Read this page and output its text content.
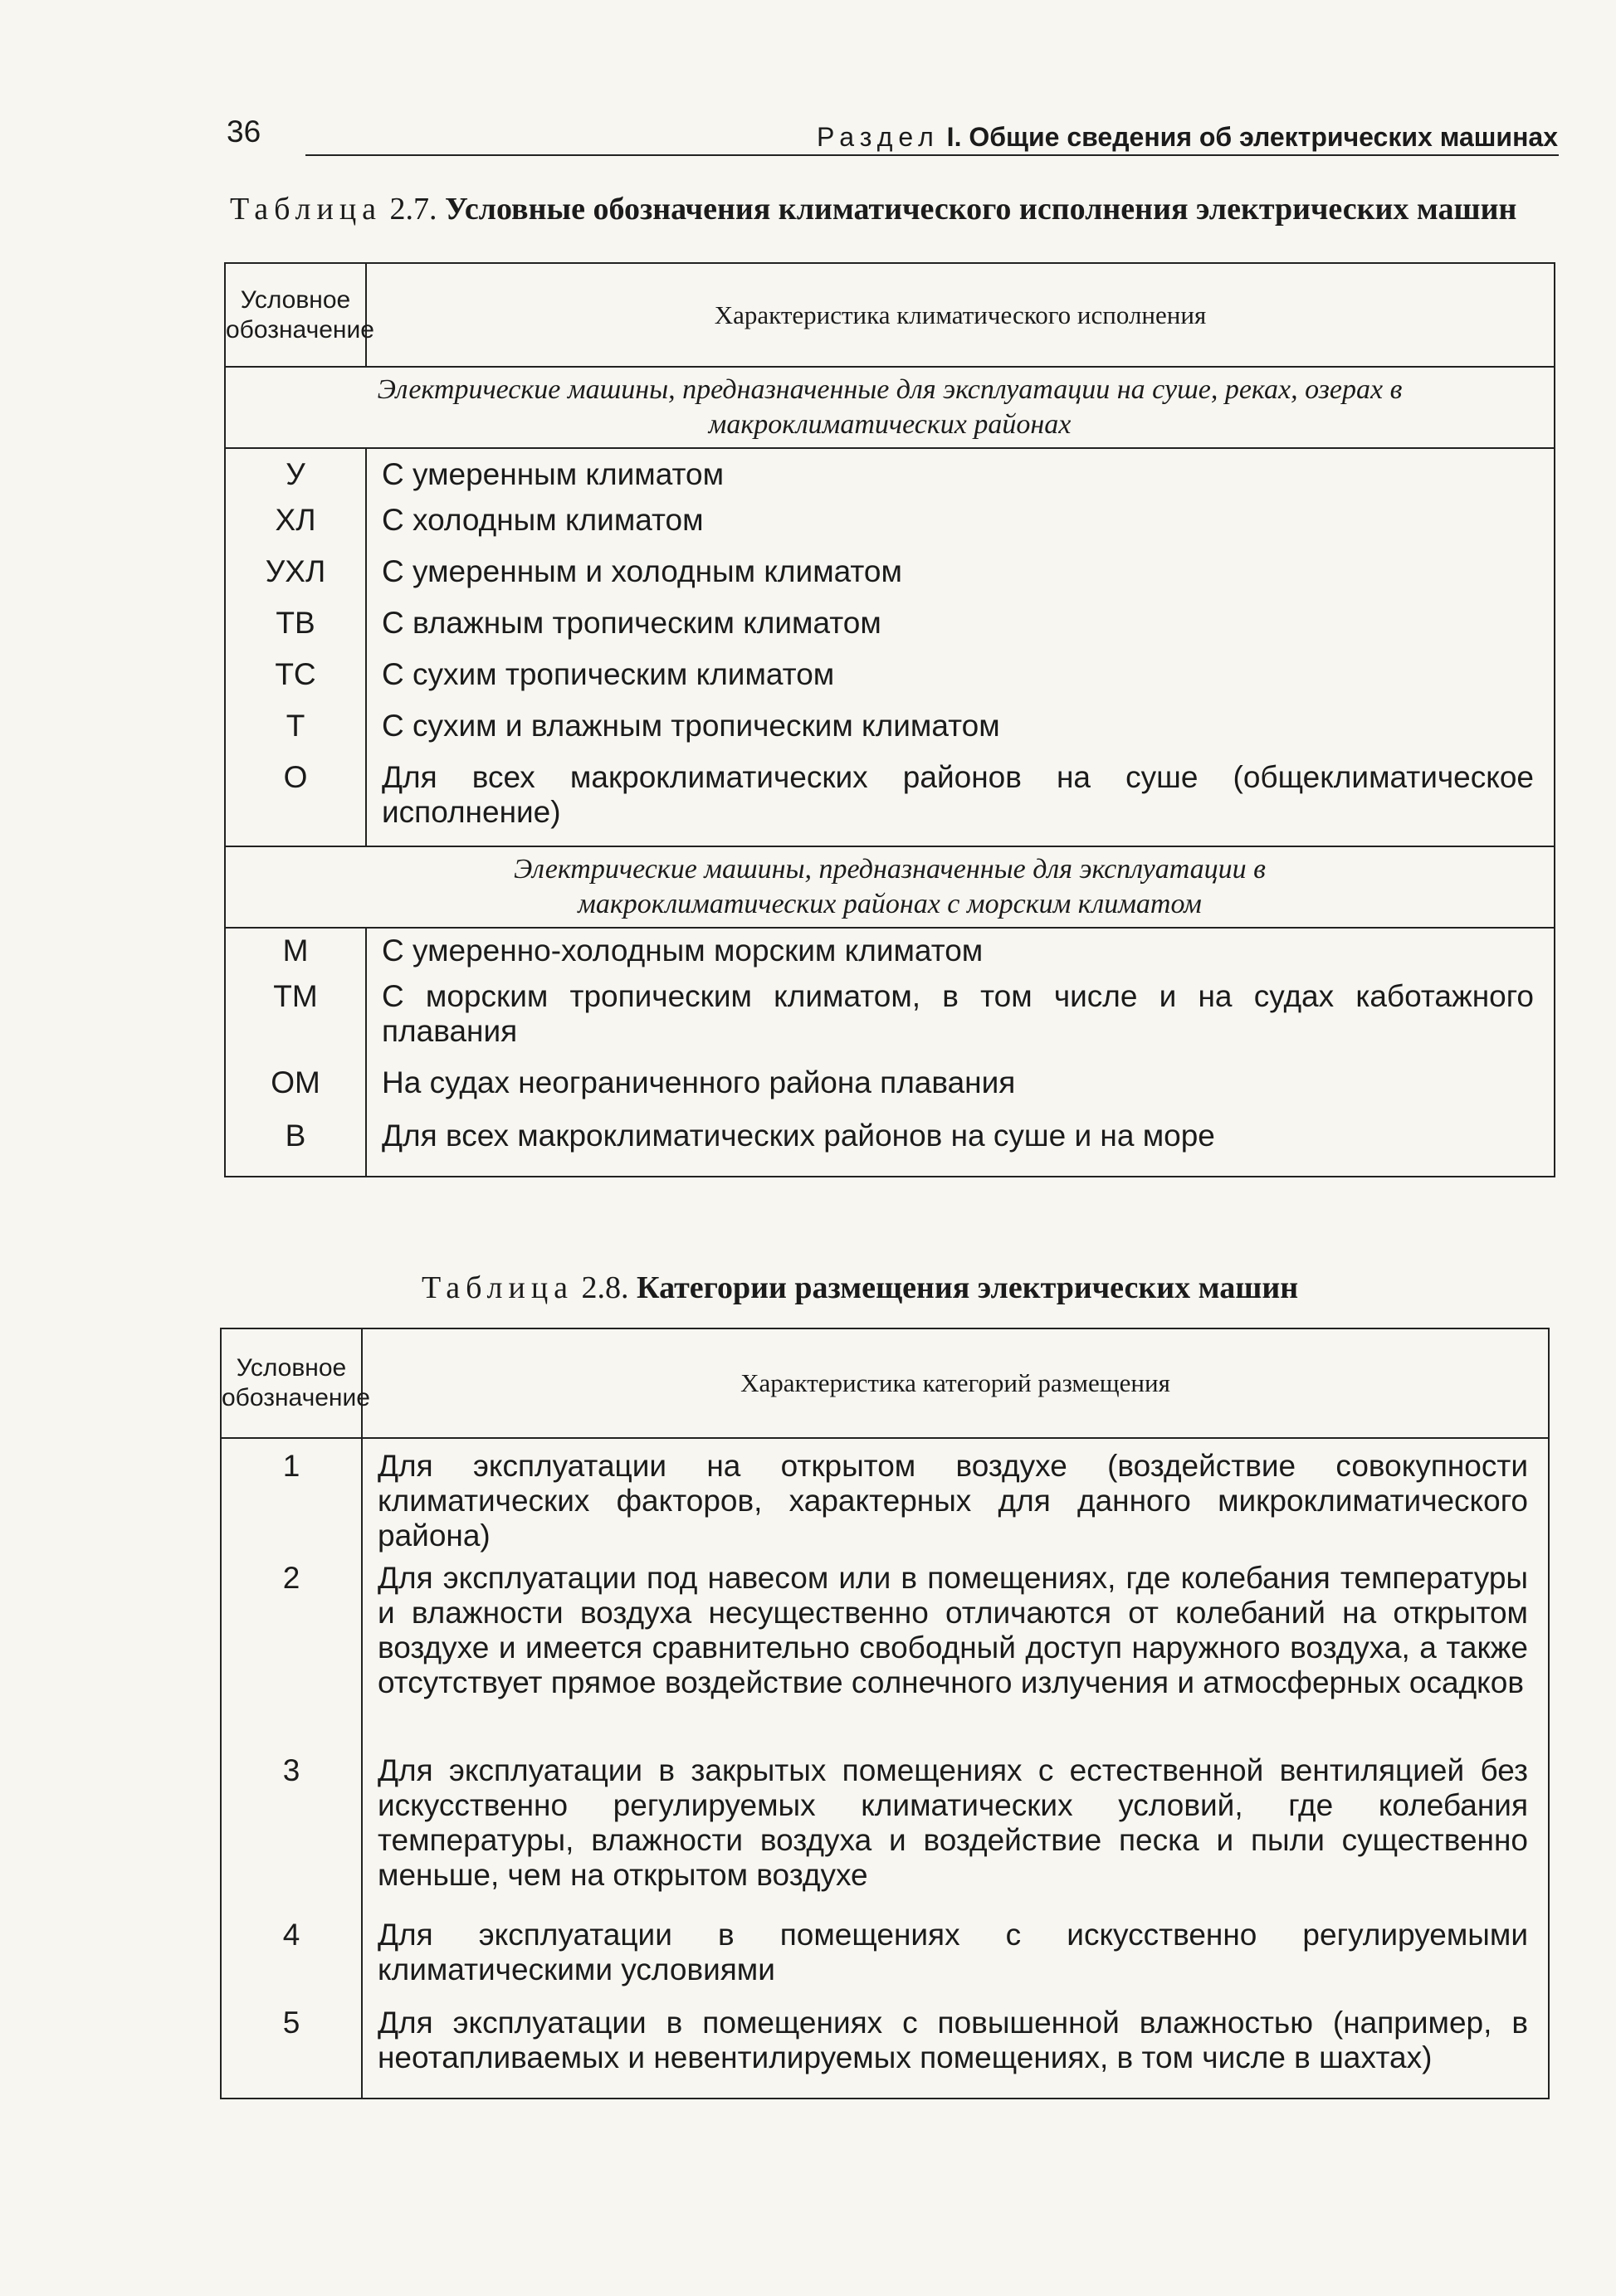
36	Раздел I. Общие сведения об электрических машинах
Таблица 2.7. Условные обозначения климатического исполнения электрических машин
Условное обозначение	Характеристика климатического исполнения
Электрические машины, предназначенные для эксплуатации на суше, реках, озерах в макроклиматических районах	
У	С умеренным климатом
ХЛ	С холодным климатом
УХЛ	С умеренным и холодным климатом
ТВ	С влажным тропическим климатом
ТС	С сухим тропическим климатом
Т	С сухим и влажным тропическим климатом
О	Для всех макроклиматических районов на суше (общеклиматическое исполнение)
Электрические машины, предназначенные для эксплуатации в макроклиматических районах с морским климатом	
М	С умеренно-холодным морским климатом
ТМ	С морским тропическим климатом, в том числе и на судах каботажного плавания
ОМ	На судах неограниченного района плавания
В	Для всех макроклиматических районов на суше и на море
Таблица 2.8. Категории размещения электрических машин
Условное обозначение	Характеристика категорий размещения
1	Для эксплуатации на открытом воздухе (воздействие совокупности климатических факторов, характерных для данного микроклиматического района)
2	Для эксплуатации под навесом или в помещениях, где колебания температуры и влажности воздуха несущественно отличаются от колебаний на открытом воздухе и имеется сравнительно свободный доступ наружного воздуха, а также отсутствует прямое воздействие солнечного излучения и атмосферных осадков
3	Для эксплуатации в закрытых помещениях с естественной вентиляцией без искусственно регулируемых климатических условий, где колебания температуры, влажности воздуха и воздействие песка и пыли существенно меньше, чем на открытом воздухе
4	Для эксплуатации в помещениях с искусственно регулируемыми климатическими условиями
5	Для эксплуатации в помещениях с повышенной влажностью (например, в неотапливаемых и невентилируемых помещениях, в том числе в шахтах)
